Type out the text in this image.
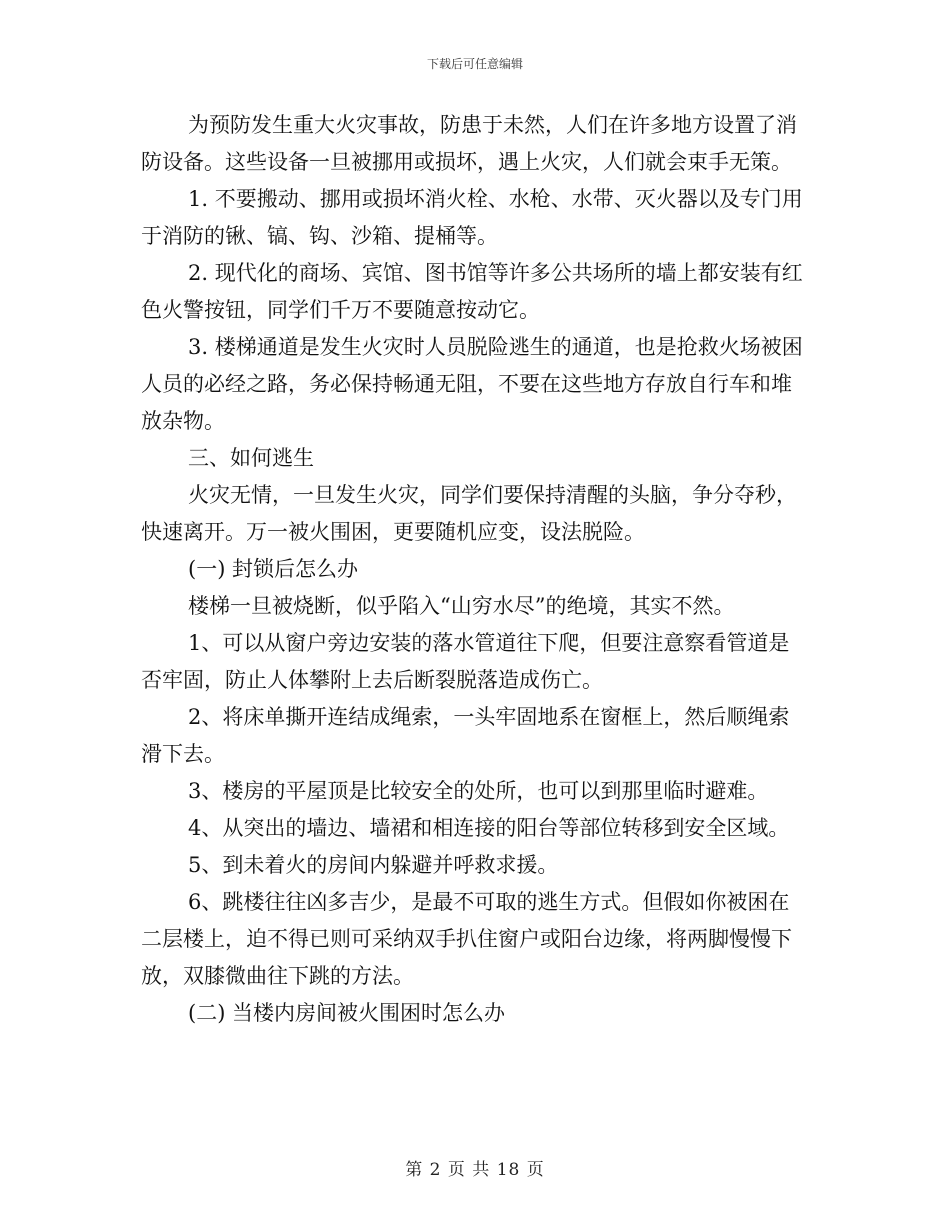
下载后可任意编辑

为预防发生重大火灾事故，防患于未然，人们在许多地方设置了消防设备。这些设备一旦被挪用或损坏，遇上火灾，人们就会束手无策。

1. 不要搬动、挪用或损坏消火栓、水枪、水带、灭火器以及专门用于消防的锹、镐、钩、沙箱、提桶等。

2. 现代化的商场、宾馆、图书馆等许多公共场所的墙上都安装有红色火警按钮，同学们千万不要随意按动它。

3. 楼梯通道是发生火灾时人员脱险逃生的通道，也是抢救火场被困人员的必经之路，务必保持畅通无阻，不要在这些地方存放自行车和堆放杂物。

三、如何逃生

火灾无情，一旦发生火灾，同学们要保持清醒的头脑，争分夺秒，快速离开。万一被火围困，更要随机应变，设法脱险。

(一) 封锁后怎么办

楼梯一旦被烧断，似乎陷入“山穷水尽”的绝境，其实不然。

1、可以从窗户旁边安装的落水管道往下爬，但要注意察看管道是否牢固，防止人体攀附上去后断裂脱落造成伤亡。

2、将床单撕开连结成绳索，一头牢固地系在窗框上，然后顺绳索滑下去。

3、楼房的平屋顶是比较安全的处所，也可以到那里临时避难。

4、从突出的墙边、墙裙和相连接的阳台等部位转移到安全区域。

5、到未着火的房间内躲避并呼救求援。

6、跳楼往往凶多吉少，是最不可取的逃生方式。但假如你被困在二层楼上，迫不得已则可采纳双手扒住窗户或阳台边缘，将两脚慢慢下放，双膝微曲往下跳的方法。

(二) 当楼内房间被火围困时怎么办

第 2 页 共 18 页
